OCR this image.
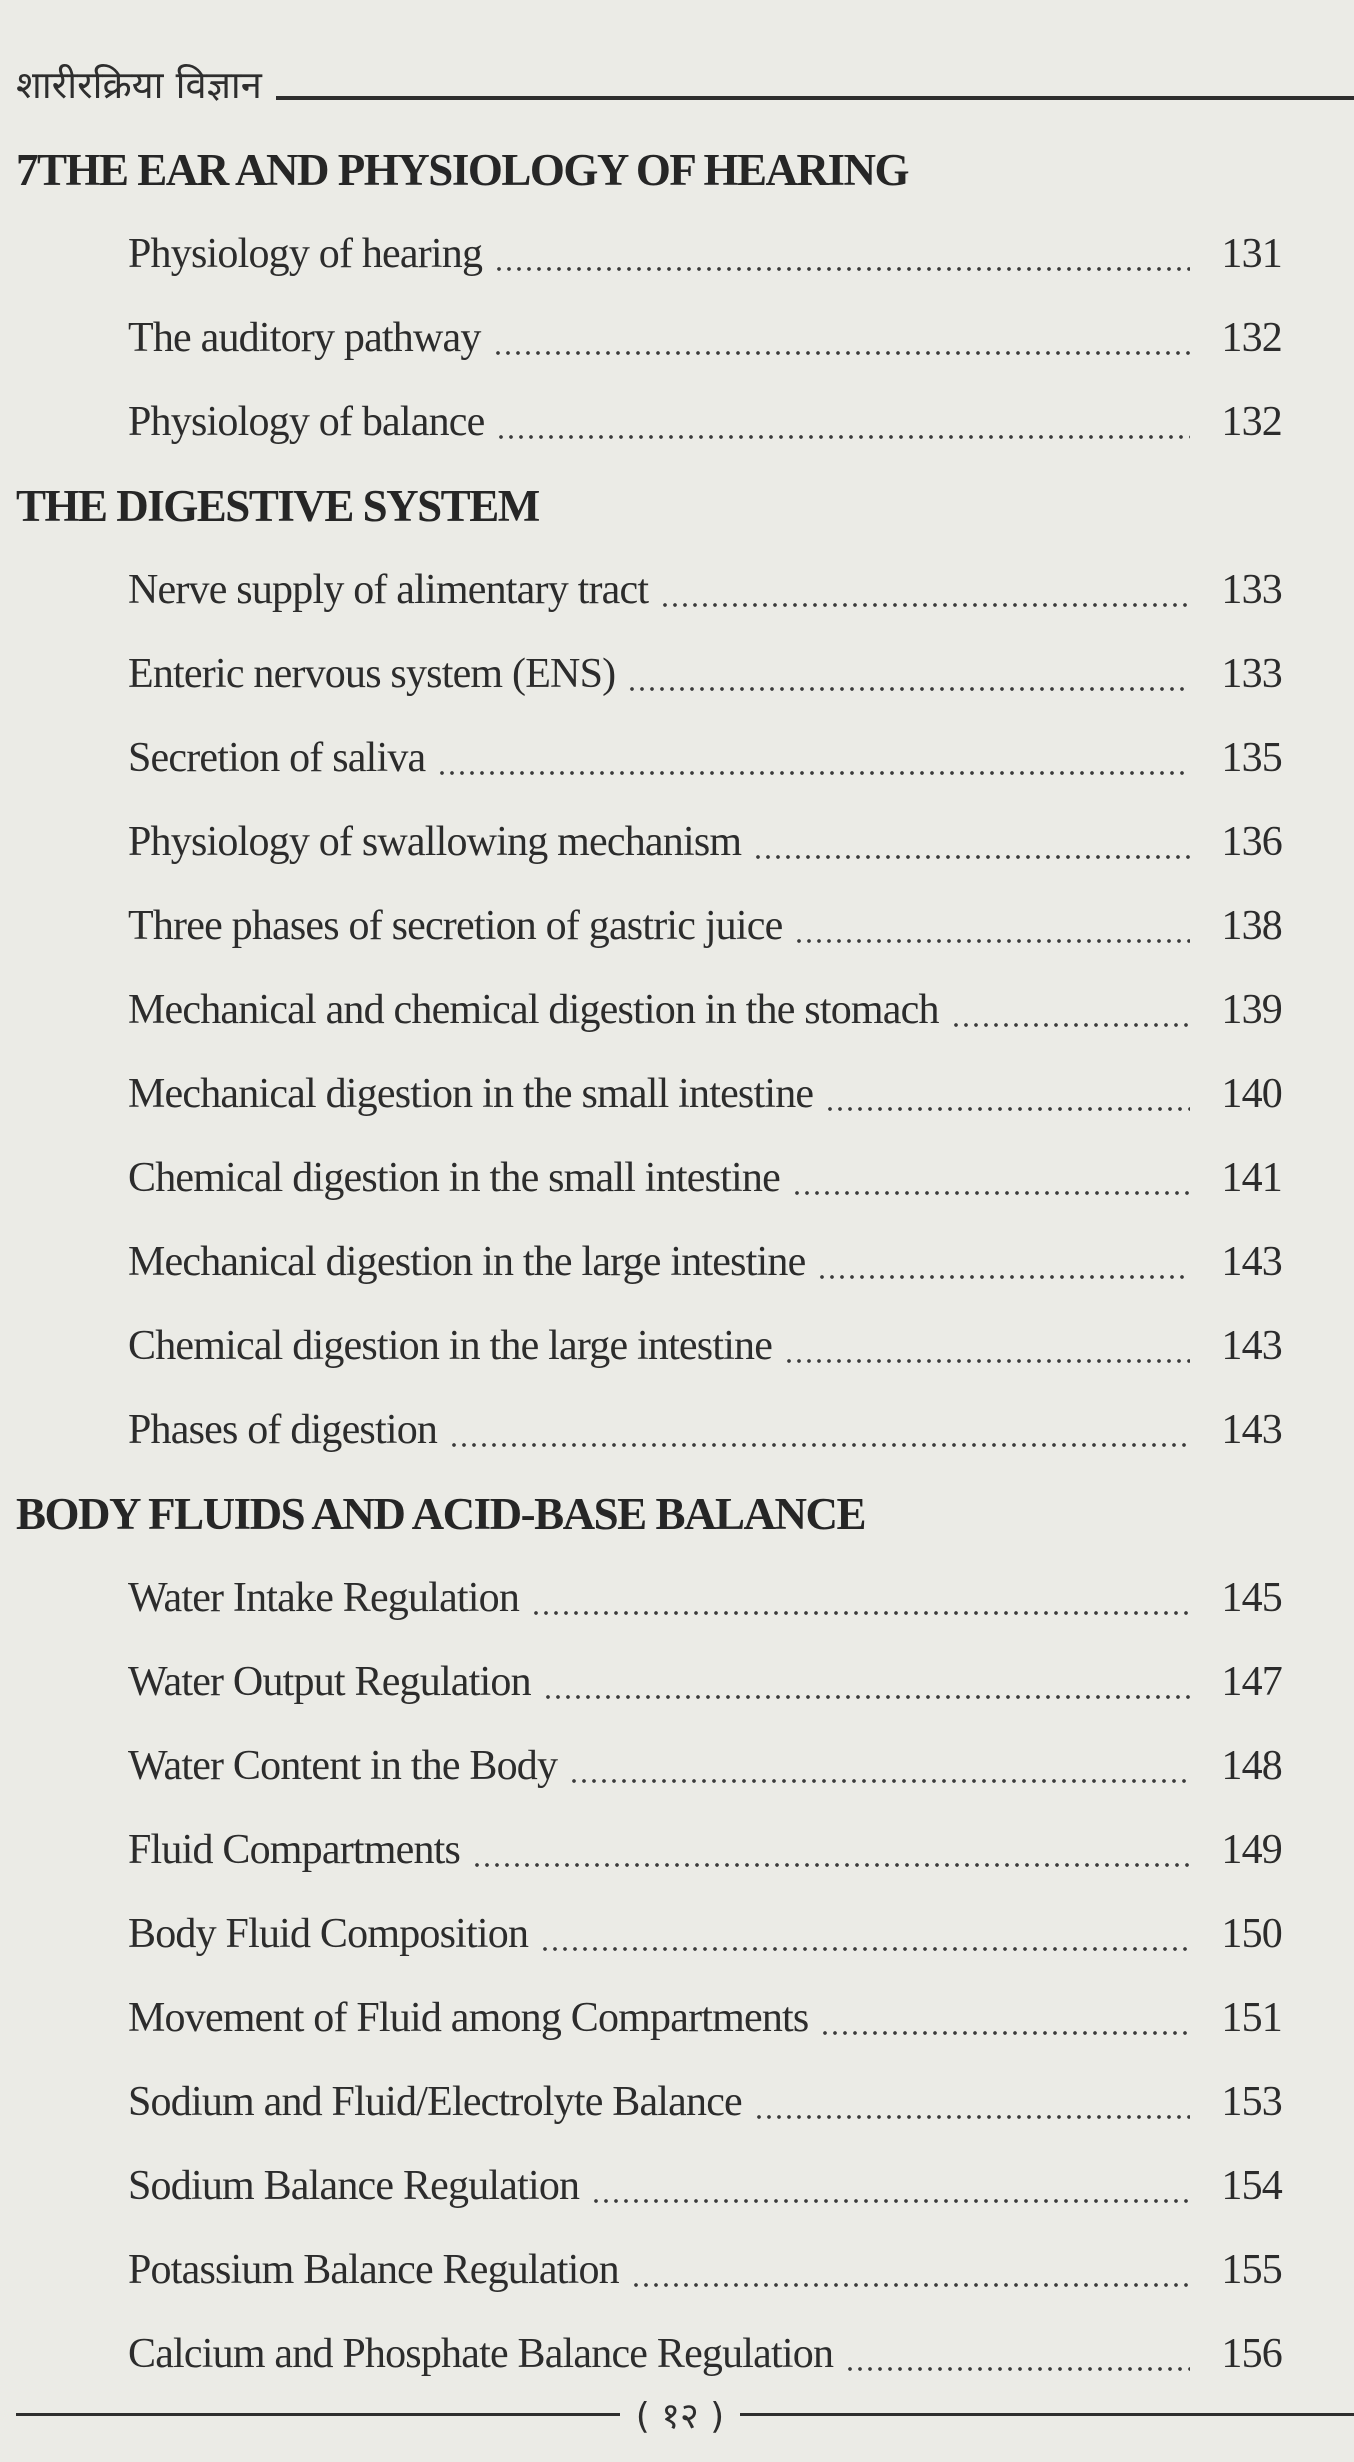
शारीरक्रिया विज्ञान
7THE EAR AND PHYSIOLOGY OF HEARING
Physiology of hearing	131
The auditory pathway	132
Physiology of balance	132
THE DIGESTIVE SYSTEM
Nerve supply of alimentary tract	133
Enteric nervous system (ENS)	133
Secretion of saliva	135
Physiology of swallowing mechanism	136
Three phases of secretion of gastric juice	138
Mechanical and chemical digestion in the stomach	139
Mechanical digestion in the small intestine	140
Chemical digestion in the small intestine	141
Mechanical digestion in the large intestine	143
Chemical digestion in the large intestine	143
Phases of digestion	143
BODY FLUIDS AND ACID-BASE BALANCE
Water Intake Regulation	145
Water Output Regulation	147
Water Content in the Body	148
Fluid Compartments	149
Body Fluid Composition	150
Movement of Fluid among Compartments	151
Sodium and Fluid/Electrolyte Balance	153
Sodium Balance Regulation	154
Potassium Balance Regulation	155
Calcium and Phosphate Balance Regulation	156
( १२ )
